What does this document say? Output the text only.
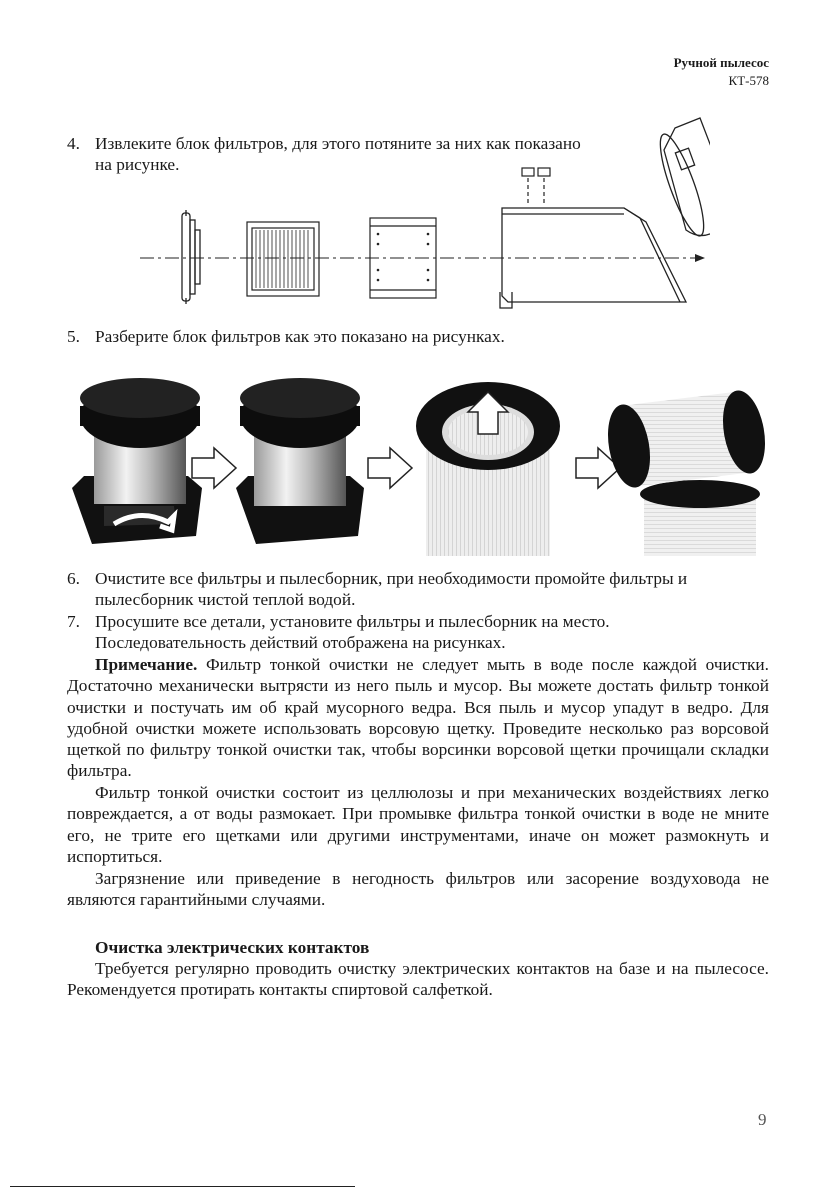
Ручной пылесос
КТ-578
4. Извлеките блок фильтров, для этого потяните за них как показано на рисунке.
5. Разберите блок фильтров как это показано на рисунках.
6. Очистите все фильтры и пылесборник, при необходимости промойте фильтры и пылесборник чистой теплой водой.
7. Просушите все детали, установите фильтры и пылесборник на место.
Последовательность действий отображена на рисунках.
Примечание. Фильтр тонкой очистки не следует мыть в воде после каждой очистки. Достаточно механически вытрясти из него пыль и мусор. Вы можете достать фильтр тонкой очистки и постучать им об край мусорного ведра. Вся пыль и мусор упадут в ведро. Для удобной очистки можете использовать ворсовую щетку. Проведите несколько раз ворсовой щеткой по фильтру тонкой очистки так, чтобы ворсинки ворсовой щетки прочищали складки фильтра.
Фильтр тонкой очистки состоит из целлюлозы и при механических воздействиях легко повреждается, а от воды размокает. При промывке фильтра тонкой очистки в воде не мните его, не трите его щетками или другими инструментами, иначе он может размокнуть и испортиться.
Загрязнение или приведение в негодность фильтров или засорение воздуховода не являются гарантийными случаями.
Очистка электрических контактов
Требуется регулярно проводить очистку электрических контактов на базе и на пылесосе. Рекомендуется протирать контакты спиртовой салфеткой.
9
